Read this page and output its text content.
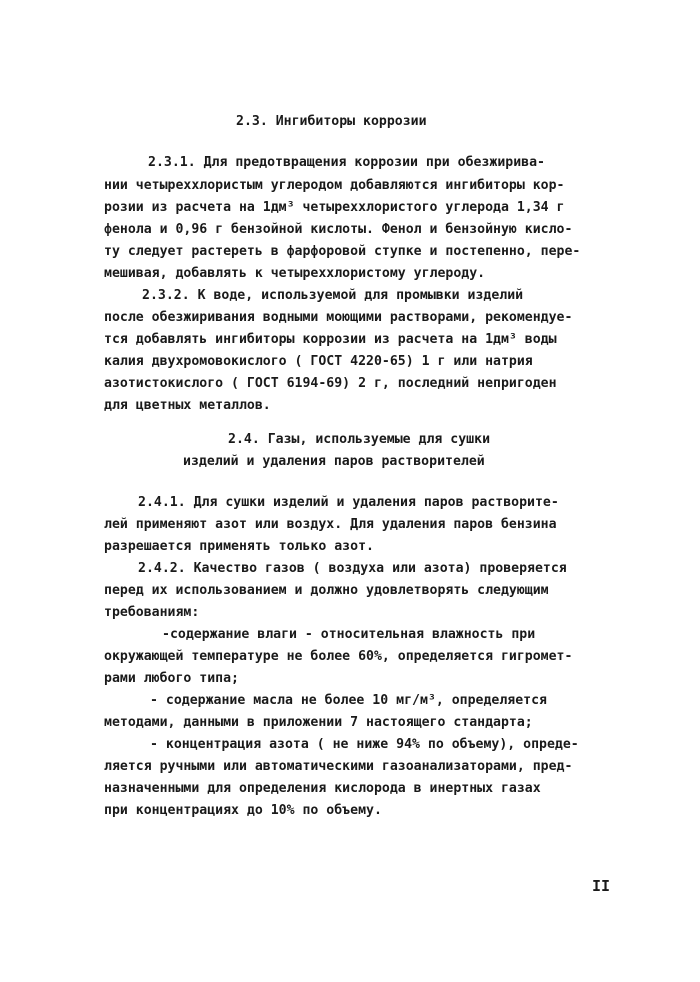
2.3. Ингибиторы коррозии
2.3.1. Для предотвращения коррозии при обезжирива-
нии четыреххлористым углеродом добавляются ингибиторы кор-
розии из расчета на 1дм³ четыреххлористого углерода 1,34 г
фенола и 0,96 г бензойной кислоты. Фенол и бензойную кисло-
ту следует растереть в фарфоровой ступке и постепенно, пере-
мешивая, добавлять к четыреххлористому углероду.
2.3.2. К воде, используемой для промывки изделий
после обезжиривания водными моющими растворами, рекомендуе-
тся добавлять ингибиторы коррозии из расчета на 1дм³ воды
калия двухромовокислого ( ГОСТ 4220-65) 1 г или натрия
азотистокислого ( ГОСТ 6194-69) 2 г, последний непригоден
для цветных металлов.
2.4. Газы, используемые для сушки
изделий и удаления паров растворителей
2.4.1. Для сушки изделий и удаления паров растворите-
лей применяют азот или воздух. Для удаления паров бензина
разрешается применять только азот.
2.4.2. Качество газов ( воздуха или азота) проверяется
перед их использованием и должно удовлетворять следующим
требованиям:
-содержание влаги - относительная влажность при
окружающей температуре не более 60%, определяется гигромет-
рами любого типа;
- содержание масла не более 10 мг/м³, определяется
методами, данными в приложении 7 настоящего стандарта;
- концентрация азота ( не ниже 94% по объему), опреде-
ляется ручными или автоматическими газоанализаторами, пред-
назначенными для определения кислорода в инертных газах
при концентрациях до 10% по объему.
II
